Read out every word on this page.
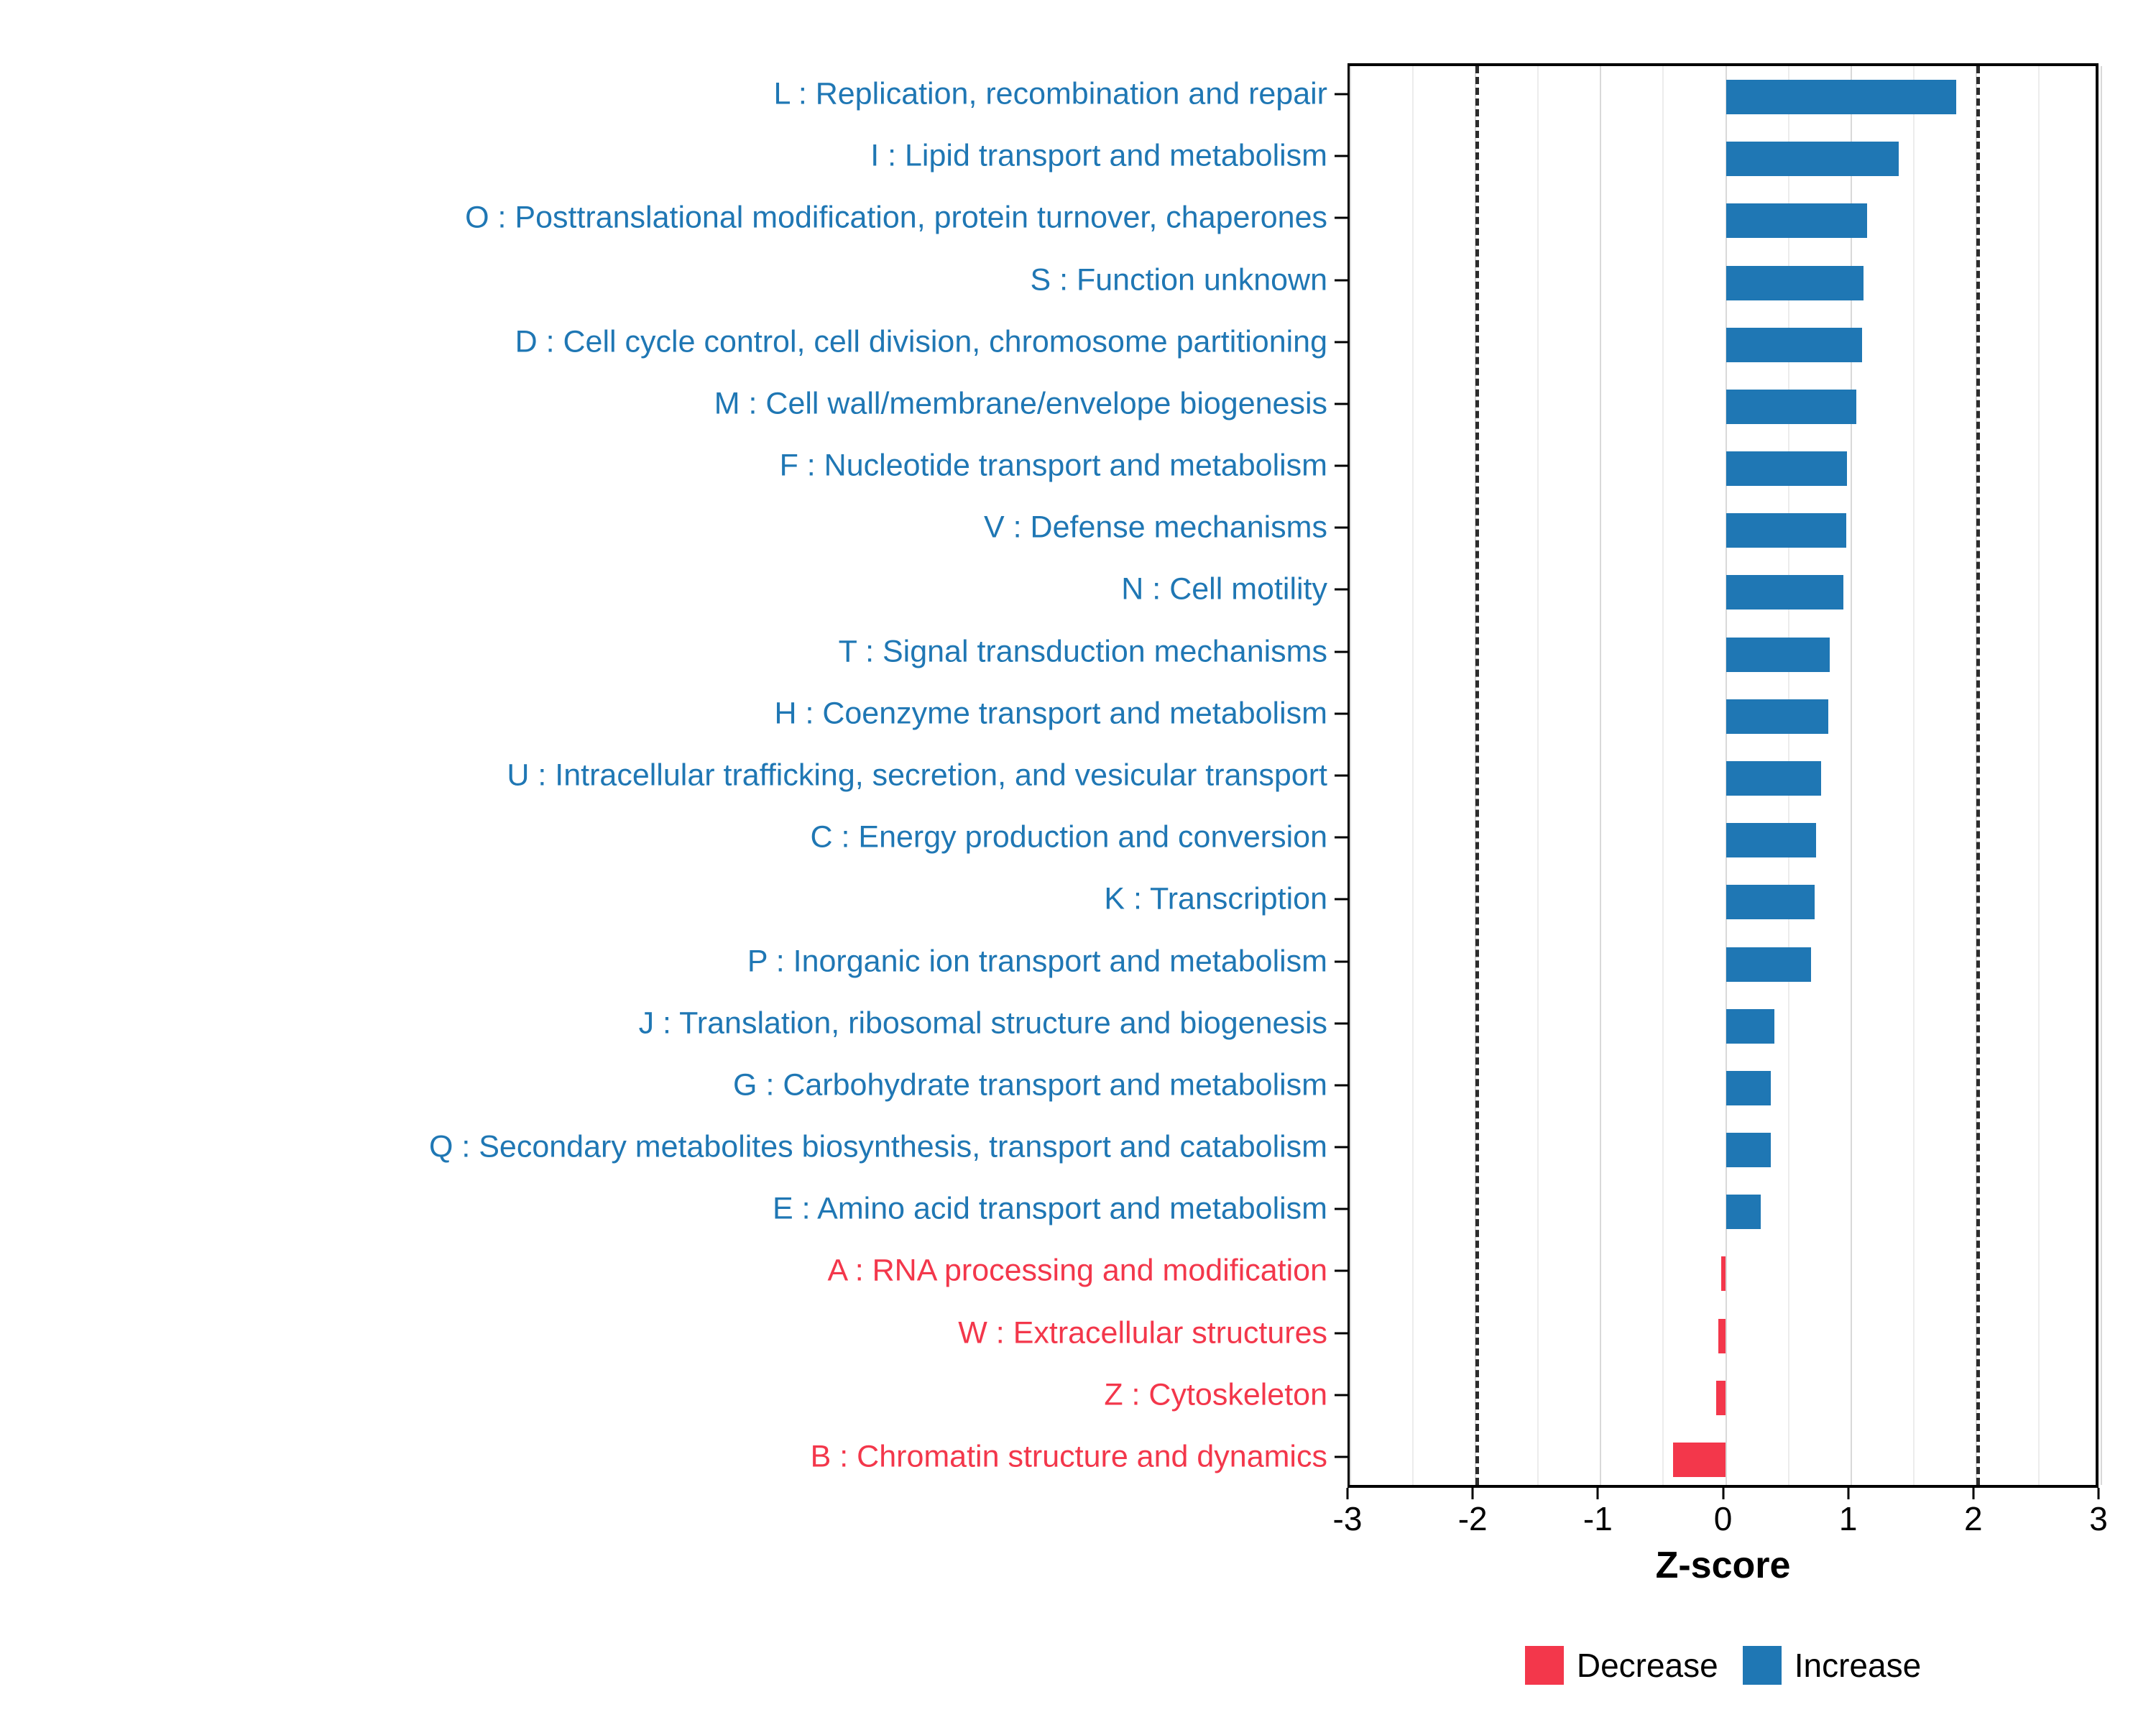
L : Replication, recombination and repair
I : Lipid transport and metabolism
O : Posttranslational modification, protein turnover, chaperones
S : Function unknown
D : Cell cycle control, cell division, chromosome partitioning
M : Cell wall/membrane/envelope biogenesis
F : Nucleotide transport and metabolism
V : Defense mechanisms
N : Cell motility
T : Signal transduction mechanisms
H : Coenzyme transport and metabolism
U : Intracellular trafficking, secretion, and vesicular transport
C : Energy production and conversion
K : Transcription
P : Inorganic ion transport and metabolism
J : Translation, ribosomal structure and biogenesis
G : Carbohydrate transport and metabolism
Q : Secondary metabolites biosynthesis, transport and catabolism
E : Amino acid transport and metabolism
A : RNA processing and modification
W : Extracellular structures
Z : Cytoskeleton
B : Chromatin structure and dynamics
-3	-2	-1	0	1	2	3
Z-score
Decrease Increase
